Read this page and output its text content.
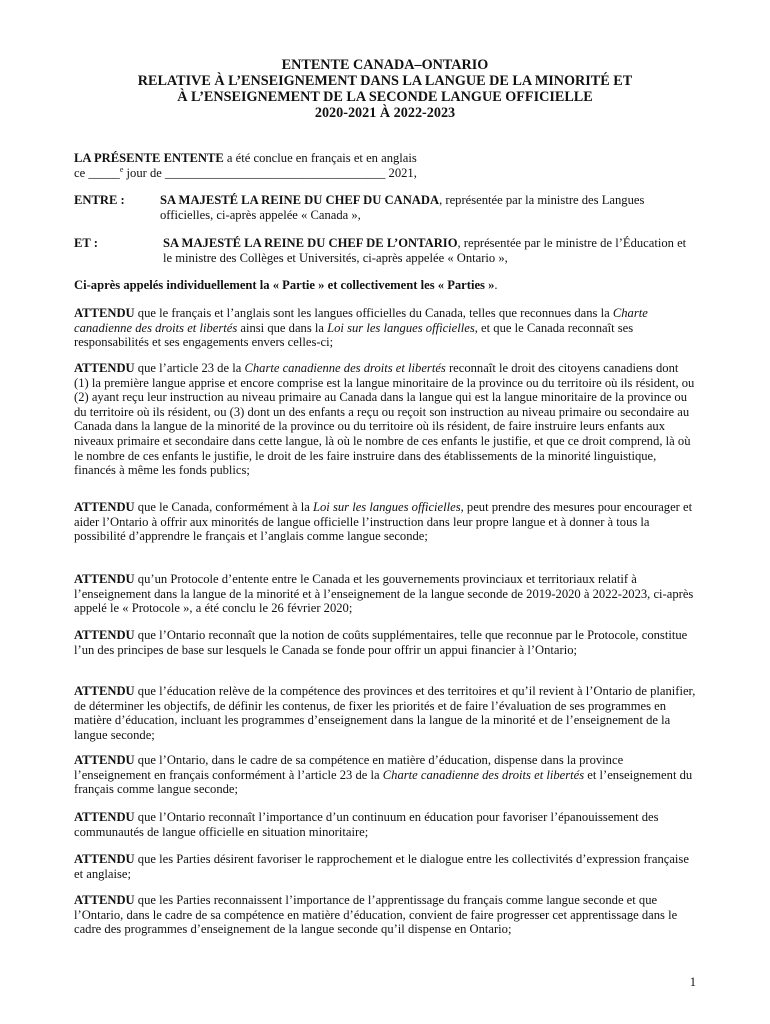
ENTENTE CANADA–ONTARIO
RELATIVE À L’ENSEIGNEMENT DANS LA LANGUE DE LA MINORITÉ ET
À L’ENSEIGNEMENT DE LA SECONDE LANGUE OFFICIELLE
2020-2021 À 2022-2023

LA PRÉSENTE ENTENTE a été conclue en français et en anglais

ce _____$^e$ jour de ___________________________________ 2021,

ENTRE :	SA MAJESTÉ LA REINE DU CHEF DU CANADA, représentée par la ministre des Langues officielles, ci-après appelée « Canada »,
ET :	SA MAJESTÉ LA REINE DU CHEF DE L’ONTARIO, représentée par le ministre de l’Éducation et le ministre des Collèges et Universités, ci-après appelée « Ontario »,

Ci-après appelés individuellement la « Partie » et collectivement les « Parties ».

ATTENDU que le français et l’anglais sont les langues officielles du Canada, telles que reconnues dans la Charte canadienne des droits et libertés ainsi que dans la Loi sur les langues officielles, et que le Canada reconnaît ses responsabilités et ses engagements envers celles-ci;

ATTENDU que l’article 23 de la Charte canadienne des droits et libertés reconnaît le droit des citoyens canadiens dont (1) la première langue apprise et encore comprise est la langue minoritaire de la province ou du territoire où ils résident, ou (2) ayant reçu leur instruction au niveau primaire au Canada dans la langue qui est la langue minoritaire de la province ou du territoire où ils résident, ou (3) dont un des enfants a reçu ou reçoit son instruction au niveau primaire ou secondaire au Canada dans la langue de la minorité de la province ou du territoire où ils résident, de faire instruire leurs enfants aux niveaux primaire et secondaire dans cette langue, là où le nombre de ces enfants le justifie, et que ce droit comprend, là où le nombre de ces enfants le justifie, le droit de les faire instruire dans des établissements de la minorité linguistique, financés à même les fonds publics;

ATTENDU que le Canada, conformément à la Loi sur les langues officielles, peut prendre des mesures pour encourager et aider l’Ontario à offrir aux minorités de langue officielle l’instruction dans leur propre langue et à donner à tous la possibilité d’apprendre le français et l’anglais comme langue seconde;

ATTENDU qu’un Protocole d’entente entre le Canada et les gouvernements provinciaux et territoriaux relatif à l’enseignement dans la langue de la minorité et à l’enseignement de la langue seconde de 2019-2020 à 2022-2023, ci-après appelé le « Protocole », a été conclu le 26 février 2020;

ATTENDU que l’Ontario reconnaît que la notion de coûts supplémentaires, telle que reconnue par le Protocole, constitue l’un des principes de base sur lesquels le Canada se fonde pour offrir un appui financier à l’Ontario;

ATTENDU que l’éducation relève de la compétence des provinces et des territoires et qu’il revient à l’Ontario de planifier, de déterminer les objectifs, de définir les contenus, de fixer les priorités et de faire l’évaluation de ses programmes en matière d’éducation, incluant les programmes d’enseignement dans la langue de la minorité et de l’enseignement de la langue seconde;

ATTENDU que l’Ontario, dans le cadre de sa compétence en matière d’éducation, dispense dans la province l’enseignement en français conformément à l’article 23 de la Charte canadienne des droits et libertés et l’enseignement du français comme langue seconde;

ATTENDU que l’Ontario reconnaît l’importance d’un continuum en éducation pour favoriser l’épanouissement des communautés de langue officielle en situation minoritaire;

ATTENDU que les Parties désirent favoriser le rapprochement et le dialogue entre les collectivités d’expression française et anglaise;

ATTENDU que les Parties reconnaissent l’importance de l’apprentissage du français comme langue seconde et que l’Ontario, dans le cadre de sa compétence en matière d’éducation, convient de faire progresser cet apprentissage dans le cadre des programmes d’enseignement de la langue seconde qu’il dispense en Ontario;

1
